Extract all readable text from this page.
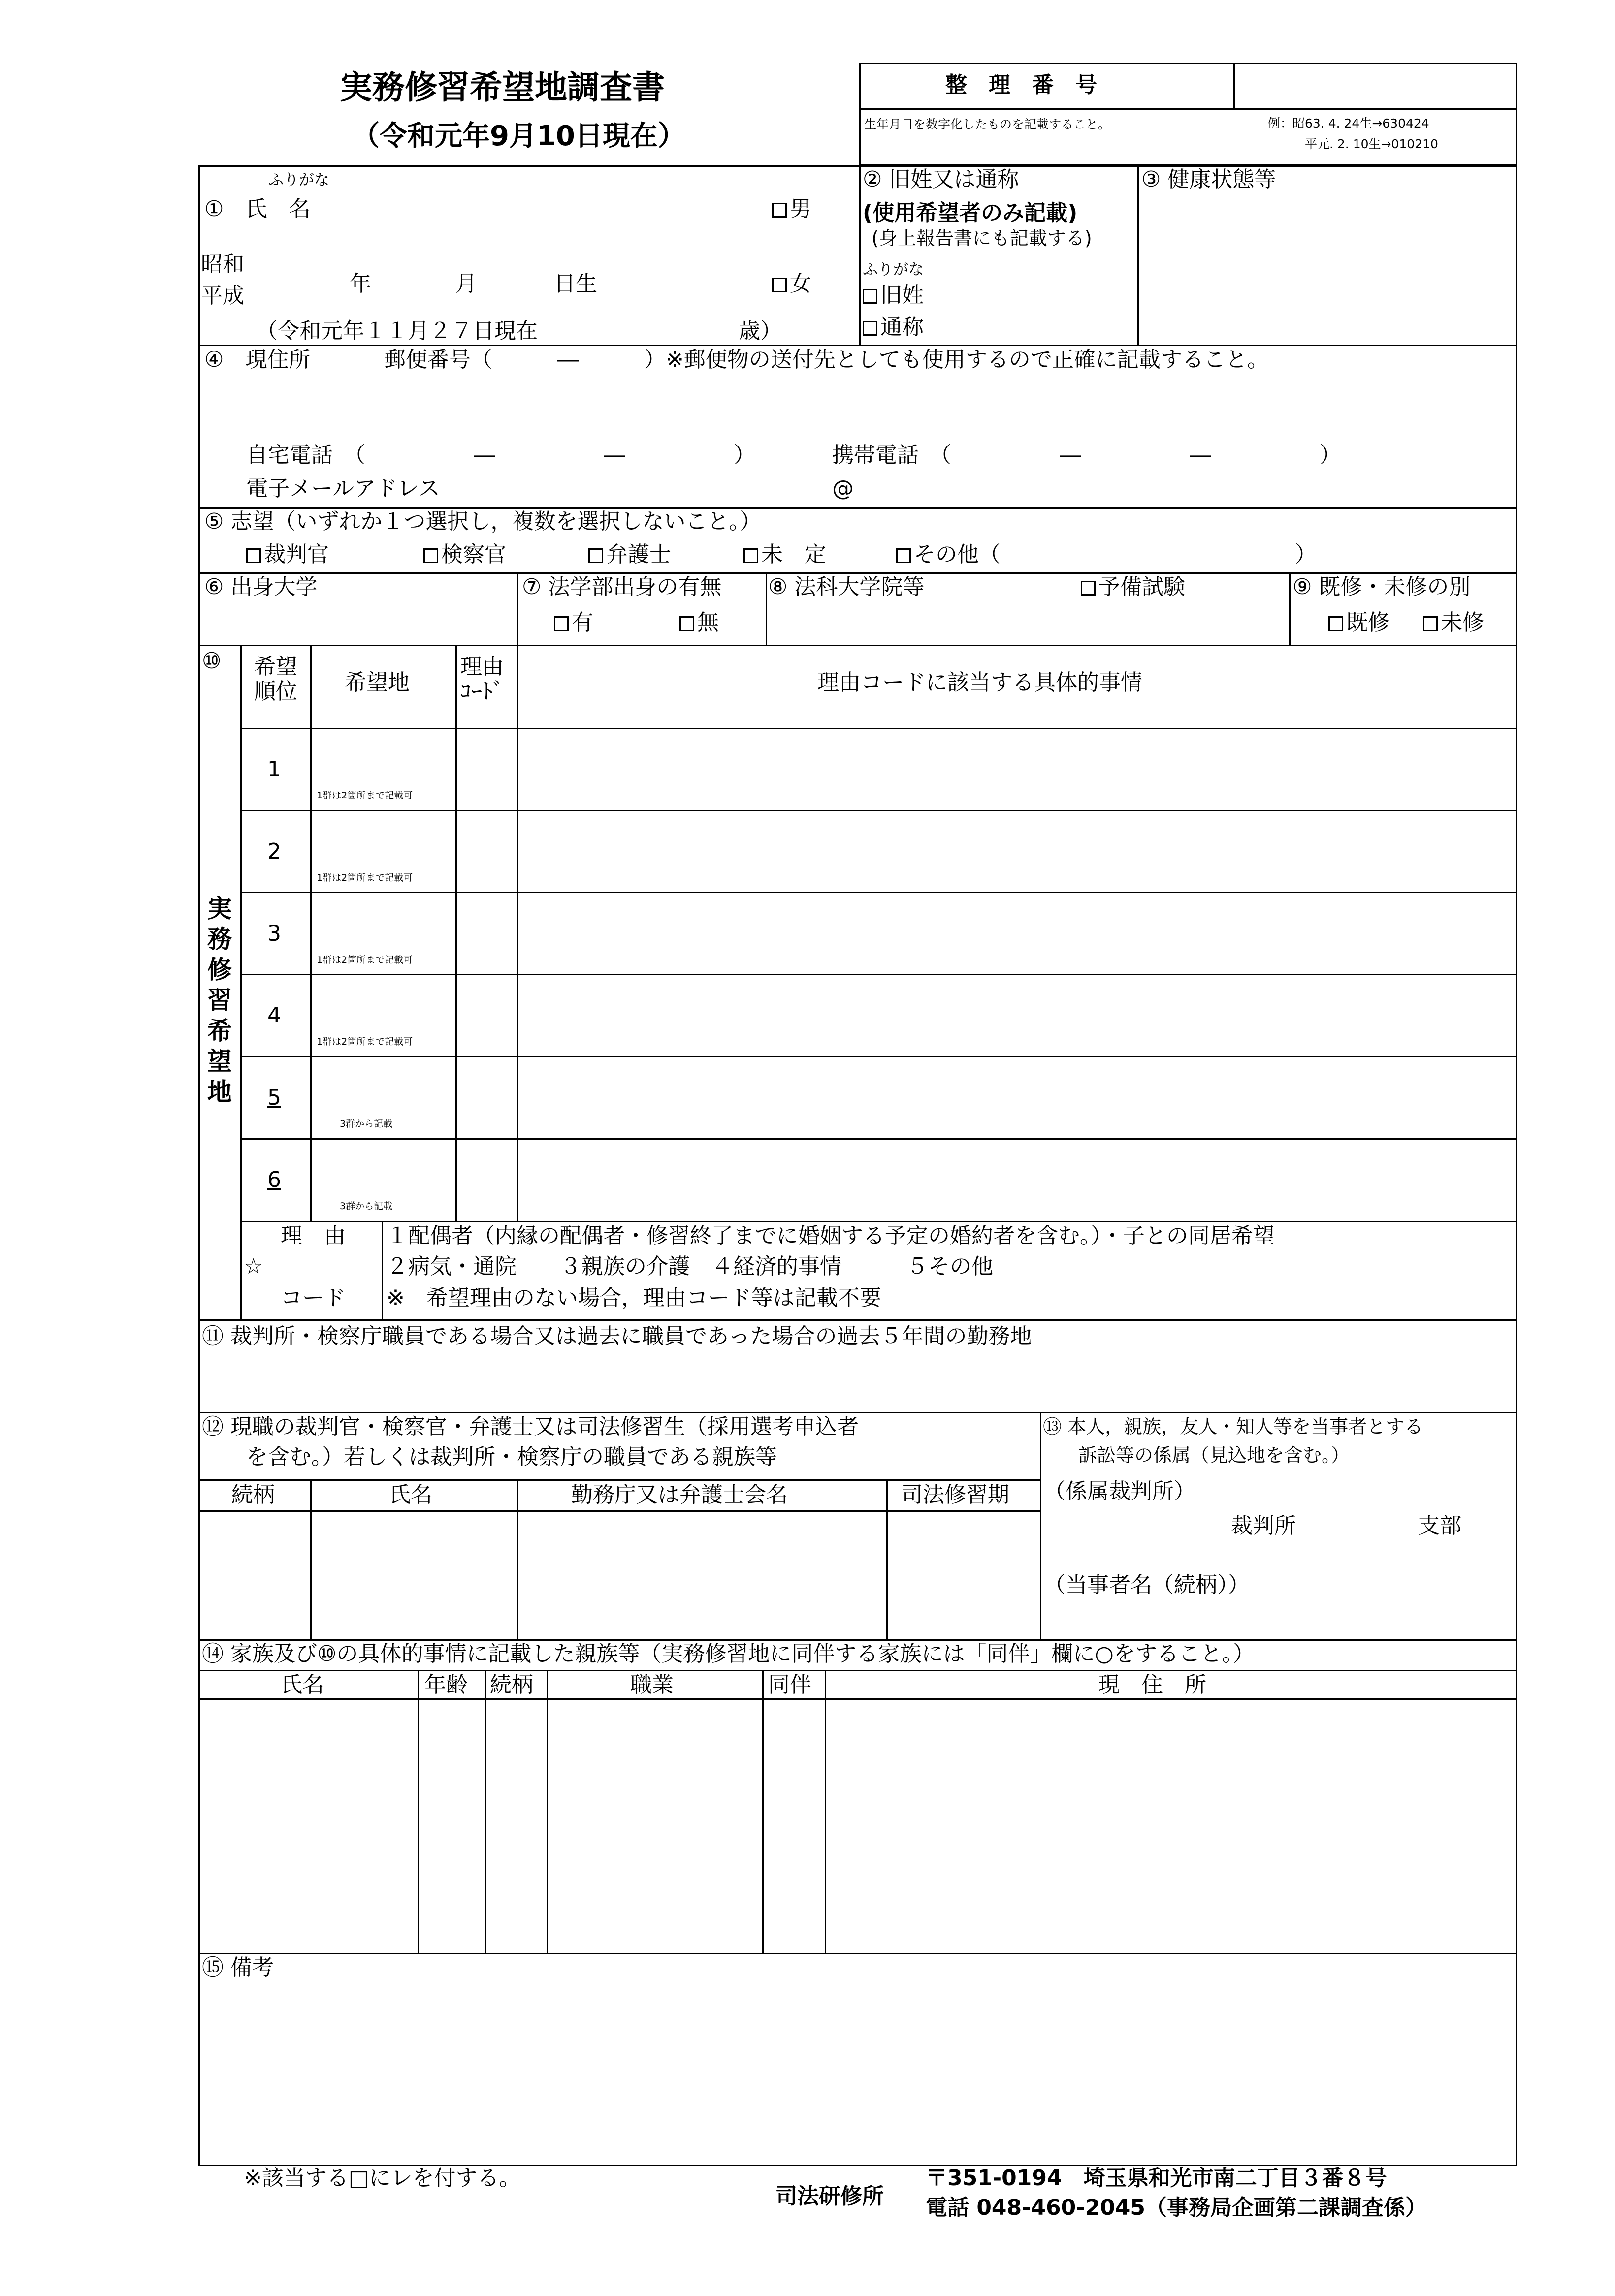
実務修習希望地調査書
（令和元年9月10日現在）
整　理　番　号
生年月日を数字化したものを記載すること。	例：昭63. 4. 24生→630424
平元. 2. 10生→010210
ふりがな
①　氏　名	男
昭和
平成	年	月	日生	女
（令和元年１１月２７日現在	歳）
② 旧姓又は通称
(使用希望者のみ記載)
(身上報告書にも記載する)
ふりがな
旧姓
通称
③ 健康状態等
④　現住所	郵便番号（　　　―　　　）※郵便物の送付先としても使用するので正確に記載すること。
自宅電話　（　　　　　―　　　　　―　　　　　）	携帯電話　（　　　　　―　　　　　―　　　　　）
電子メールアドレス	@
⑤ 志望（いずれか１つ選択し，複数を選択しないこと。）
裁判官	検察官	弁護士	未　定	その他（	）
⑥ 出身大学	⑦ 法学部出身の有無
有	無
⑧ 法科大学院等	予備試験	⑨ 既修・未修の別
既修	未修
⑩
実務修習希望地
希望
順位	希望地
理由
ｺｰﾄﾞ	理由コードに該当する具体的事情
1
1群は2箇所まで記載可
2
1群は2箇所まで記載可
3
1群は2箇所まで記載可
4
1群は2箇所まで記載可
5
3群から記載
6
3群から記載
理　由
☆
コード
１配偶者（内縁の配偶者・修習終了までに婚姻する予定の婚約者を含む。）・子との同居希望
２病気・通院　　３親族の介護　４経済的事情　　　５その他
※　希望理由のない場合，理由コード等は記載不要
⑪ 裁判所・検察庁職員である場合又は過去に職員であった場合の過去５年間の勤務地
⑫ 現職の裁判官・検察官・弁護士又は司法修習生（採用選考申込者
を含む。）若しくは裁判所・検察庁の職員である親族等
続柄	氏名	勤務庁又は弁護士会名	司法修習期
⑬ 本人，親族，友人・知人等を当事者とする
訴訟等の係属（見込地を含む。）
（係属裁判所）
裁判所	支部
（当事者名（続柄））
⑭ 家族及び⑩の具体的事情に記載した親族等（実務修習地に同伴する家族には「同伴」欄に○をすること。）
氏名	年齢 続柄	職業	同伴	現　住　所
⑮ 備考
※該当する□にレを付する。
司法研修所
〒351-0194　埼玉県和光市南二丁目３番８号
電話 048-460-2045（事務局企画第二課調査係）
